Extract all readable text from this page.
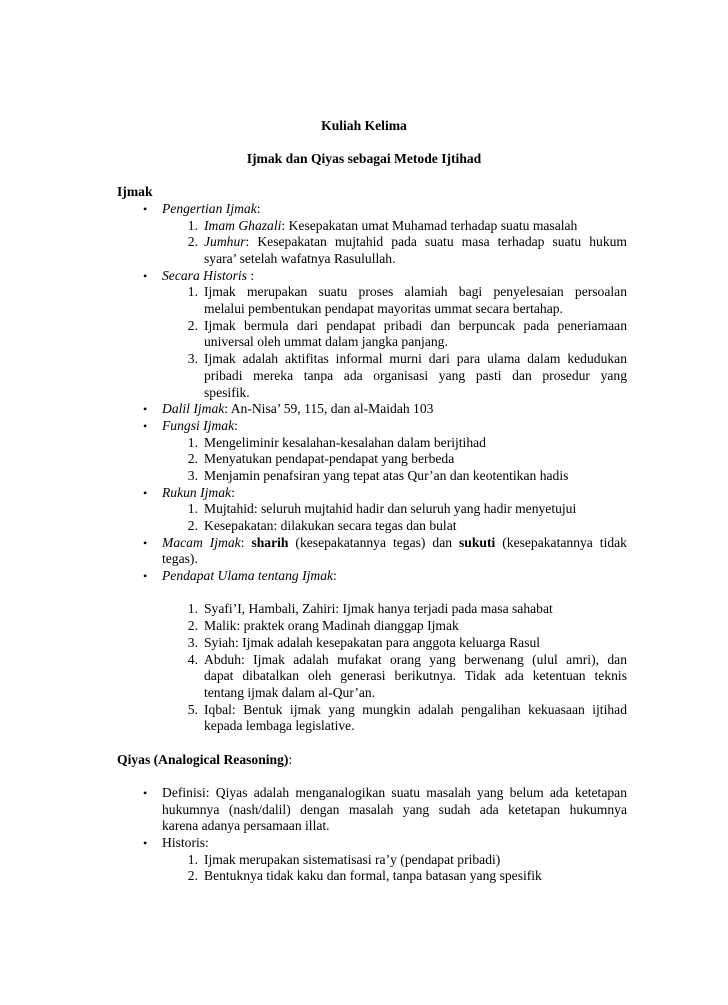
Kuliah Kelima
Ijmak dan Qiyas sebagai Metode Ijtihad
Ijmak
• Pengertian Ijmak:
1. Imam Ghazali: Kesepakatan umat Muhamad terhadap suatu masalah
2. Jumhur: Kesepakatan mujtahid pada suatu masa terhadap suatu hukum
syara’ setelah wafatnya Rasulullah.
• Secara Historis :
1. Ijmak merupakan suatu proses alamiah bagi penyelesaian persoalan
melalui pembentukan pendapat mayoritas ummat secara bertahap.
2. Ijmak bermula dari pendapat pribadi dan berpuncak pada peneriamaan
universal oleh ummat dalam jangka panjang.
3. Ijmak adalah aktifitas informal murni dari para ulama dalam kedudukan
pribadi mereka tanpa ada organisasi yang pasti dan prosedur yang
spesifik.
• Dalil Ijmak: An-Nisa’ 59, 115, dan al-Maidah 103
• Fungsi Ijmak:
1. Mengeliminir kesalahan-kesalahan dalam berijtihad
2. Menyatukan pendapat-pendapat yang berbeda
3. Menjamin penafsiran yang tepat atas Qur’an dan keotentikan hadis
• Rukun Ijmak:
1. Mujtahid: seluruh mujtahid hadir dan seluruh yang hadir menyetujui
2. Kesepakatan: dilakukan secara tegas dan bulat
• Macam Ijmak: sharih (kesepakatannya tegas) dan sukuti (kesepakatannya tidak
tegas).
• Pendapat Ulama tentang Ijmak:
1. Syafi’I, Hambali, Zahiri: Ijmak hanya terjadi pada masa sahabat
2. Malik: praktek orang Madinah dianggap Ijmak
3. Syiah: Ijmak adalah kesepakatan para anggota keluarga Rasul
4. Abduh: Ijmak adalah mufakat orang yang berwenang (ulul amri), dan
dapat dibatalkan oleh generasi berikutnya. Tidak ada ketentuan teknis
tentang ijmak dalam al-Qur’an.
5. Iqbal: Bentuk ijmak yang mungkin adalah pengalihan kekuasaan ijtihad
kepada lembaga legislative.
Qiyas (Analogical Reasoning):
• Definisi: Qiyas adalah menganalogikan suatu masalah yang belum ada ketetapan
hukumnya (nash/dalil) dengan masalah yang sudah ada ketetapan hukumnya
karena adanya persamaan illat.
• Historis:
1. Ijmak merupakan sistematisasi ra’y (pendapat pribadi)
2. Bentuknya tidak kaku dan formal, tanpa batasan yang spesifik
